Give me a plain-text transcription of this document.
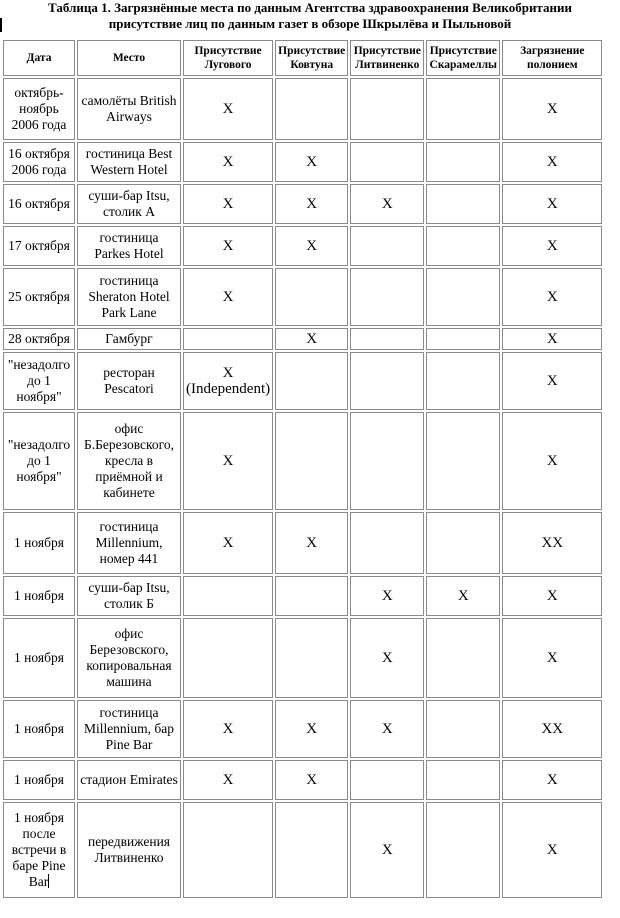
Таблица 1. Загрязнённые места по данным Агентства здравоохранения Великобритании
присутствие лиц по данным газет в обзоре Шкрылёва и Пыльновой
Дата	Место	Присутствие Лугового	Присутствие Ковтуна	Присутствие Литвиненко	Присутствие Скарамеллы	Загрязнение полонием
октябрь-ноябрь 2006 года	самолёты British Airways	X				X
16 октября 2006 года	гостиница Best Western Hotel	X	X			X
16 октября	суши-бар Itsu, столик A	X	X	X		X
17 октября	гостиница Parkes Hotel	X	X			X
25 октября	гостиница Sheraton Hotel Park Lane	X				X
28 октября	Гамбург		X			X
"незадолго до 1 ноября"	ресторан Pescatori	X (Independent)				X
"незадолго до 1 ноября"	офис Б.Березовского, кресла в приёмной и кабинете	X				X
1 ноября	гостиница Millennium, номер 441	X	X			XX
1 ноября	суши-бар Itsu, столик Б			X	X	X
1 ноября	офис Березовского, копировальная машина			X		X
1 ноября	гостиница Millennium, бар Pine Bar	X	X	X		XX
1 ноября	стадион Emirates	X	X			X
1 ноября после встречи в баре Pine Bar	передвижения Литвиненко			X		X
